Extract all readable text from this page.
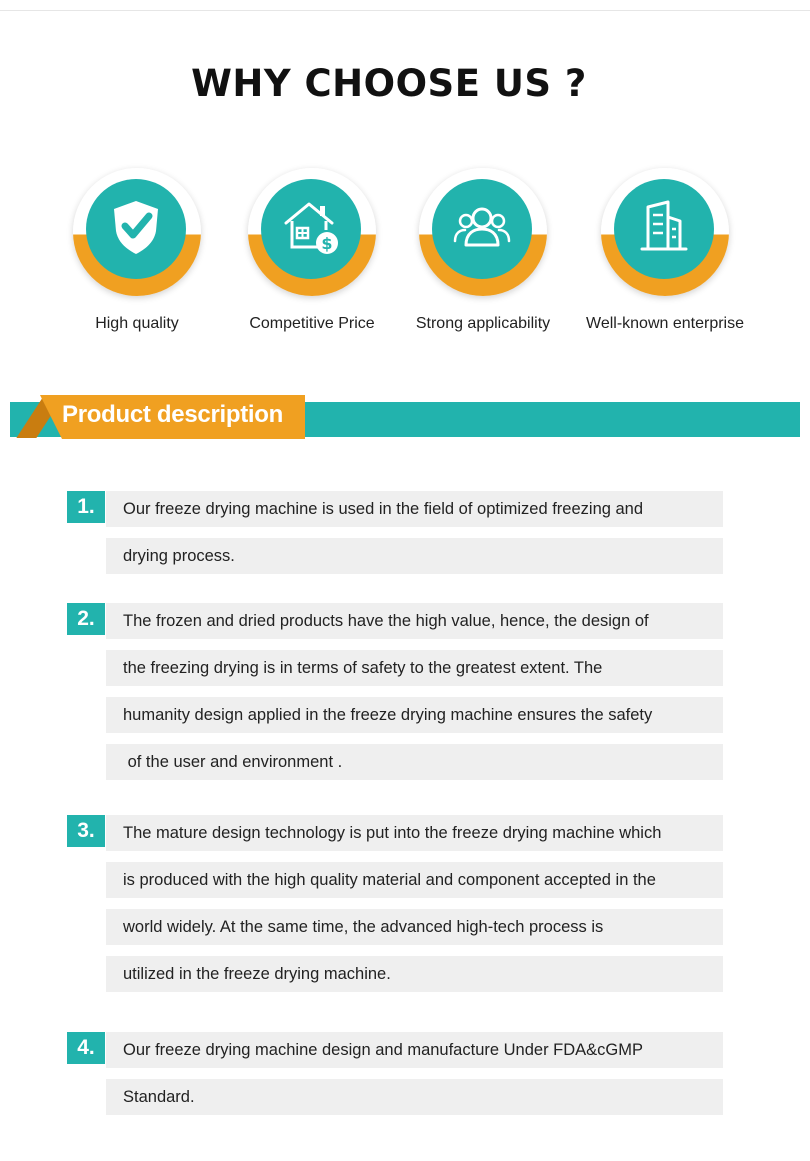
WHY CHOOSE US ?
High quality
$
Competitive Price	Strong applicability	Well-known enterprise
Product description
1.	Our freeze drying machine is used in the field of optimized freezing and
drying process.
2.	The frozen and dried products have the high value, hence, the design of
the freezing drying is in terms of safety to the greatest extent. The
humanity design applied in the freeze drying machine ensures the safety
of the user and environment .
3.	The mature design technology is put into the freeze drying machine which
is produced with the high quality material and component accepted in the
world widely. At the same time, the advanced high-tech process is
utilized in the freeze drying machine.
4.	Our freeze drying machine design and manufacture Under FDA&cGMP
Standard.
